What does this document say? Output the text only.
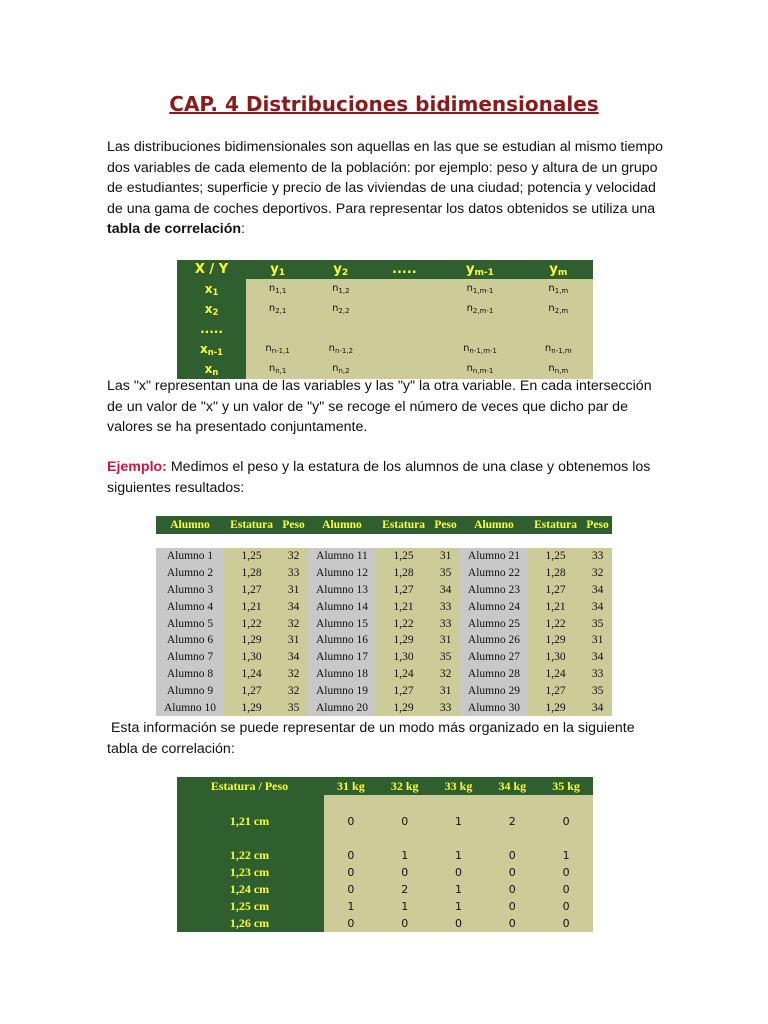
CAP. 4 Distribuciones bidimensionales

Las distribuciones bidimensionales son aquellas en las que se estudian al mismo tiempo dos variables de cada elemento de la población: por ejemplo: peso y altura de un grupo de estudiantes; superficie y precio de las viviendas de una ciudad; potencia y velocidad de una gama de coches deportivos. Para representar los datos obtenidos se utiliza una tabla de correlación:

X / Y	$y_1$	$y_2$	.....	$y_{m-1}$	$y_m$
$x_1$	$n_{1,1}$	$n_{1,2}$		$n_{1,m-1}$	$n_{1,m}$
$x_2$	$n_{2,1}$	$n_{2,2}$		$n_{2,m-1}$	$n_{2,m}$
.....					
$x_{n-1}$	$n_{n-1,1}$	$n_{n-1,2}$		$n_{n-1,m-1}$	$n_{n-1,m}$
$x_n$	$n_{n,1}$	$n_{n,2}$		$n_{n,m-1}$	$n_{n,m}$

Las "x" representan una de las variables y las "y" la otra variable. En cada intersección de un valor de "x" y un valor de "y" se recoge el número de veces que dicho par de valores se ha presentado conjuntamente.

Ejemplo: Medimos el peso y la estatura de los alumnos de una clase y obtenemos los siguientes resultados:

Alumno	Estatura	Peso	Alumno	Estatura	Peso	Alumno	Estatura	Peso

Alumno 1	1,25	32	Alumno 11	1,25	31	Alumno 21	1,25	33
Alumno 2	1,28	33	Alumno 12	1,28	35	Alumno 22	1,28	32
Alumno 3	1,27	31	Alumno 13	1,27	34	Alumno 23	1,27	34
Alumno 4	1,21	34	Alumno 14	1,21	33	Alumno 24	1,21	34
Alumno 5	1,22	32	Alumno 15	1,22	33	Alumno 25	1,22	35
Alumno 6	1,29	31	Alumno 16	1,29	31	Alumno 26	1,29	31
Alumno 7	1,30	34	Alumno 17	1,30	35	Alumno 27	1,30	34
Alumno 8	1,24	32	Alumno 18	1,24	32	Alumno 28	1,24	33
Alumno 9	1,27	32	Alumno 19	1,27	31	Alumno 29	1,27	35
Alumno 10	1,29	35	Alumno 20	1,29	33	Alumno 30	1,29	34

Esta información se puede representar de un modo más organizado en la siguiente tabla de correlación:

Estatura / Peso		31 kg	32 kg	33 kg	34 kg	35 kg
1,21 cm		0	0	1	2	0
1,22 cm		0	1	1	0	1
1,23 cm		0	0	0	0	0
1,24 cm		0	2	1	0	0
1,25 cm		1	1	1	0	0
1,26 cm		0	0	0	0	0
